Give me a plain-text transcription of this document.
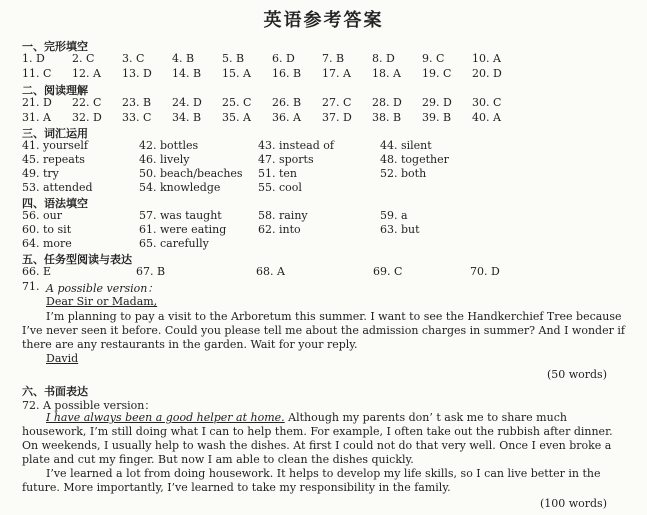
英语参考答案
一、完形填空
1. D 2. C	3. C	4. B	5. B	6. D 7. B	8. D 9. C	10. A
11. C 12. A 13. D 14. B 15. A 16. B 17. A 18. A 19. C 20. D
二、阅读理解
21. D 22. C 23. B 24. D 25. C 26. B 27. C 28. D 29. D 30. C
31. A 32. D 33. C 34. B 35. A 36. A 37. D 38. B 39. B 40. A
三、词汇运用
41. yourself	42. bottles	43. instead of	44. silent
45. repeats	46. lively	47. sports	48. together
49. try	50. beach/beaches 51. ten	52. both
53. attended	54. knowledge	55. cool
四、语法填空
56. our	57. was taught	58. rainy	59. a
60. to sit	61. were eating	62. into	63. but
64. more	65. carefully
五、任务型阅读与表达
66. E	67. B	68. A	69. C	70. D
71. A possible version：
Dear Sir or Madam,
I’m planning to pay a visit to the Arboretum this summer. I want to see the Handkerchief Tree because
I’ve never seen it before. Could you please tell me about the admission charges in summer? And I wonder if
there are any restaurants in the garden. Wait for your reply.
David
(50 words)
六、书面表达
72. A possible version：
I have always been a good helper at home. Although my parents don’ t ask me to share much
housework, I’m still doing what I can to help them. For example, I often take out the rubbish after dinner.
On weekends, I usually help to wash the dishes. At first I could not do that very well. Once I even broke a
plate and cut my finger. But now I am able to clean the dishes quickly.
I’ve learned a lot from doing housework. It helps to develop my life skills, so I can live better in the
future. More importantly, I’ve learned to take my responsibility in the family.
(100 words)
